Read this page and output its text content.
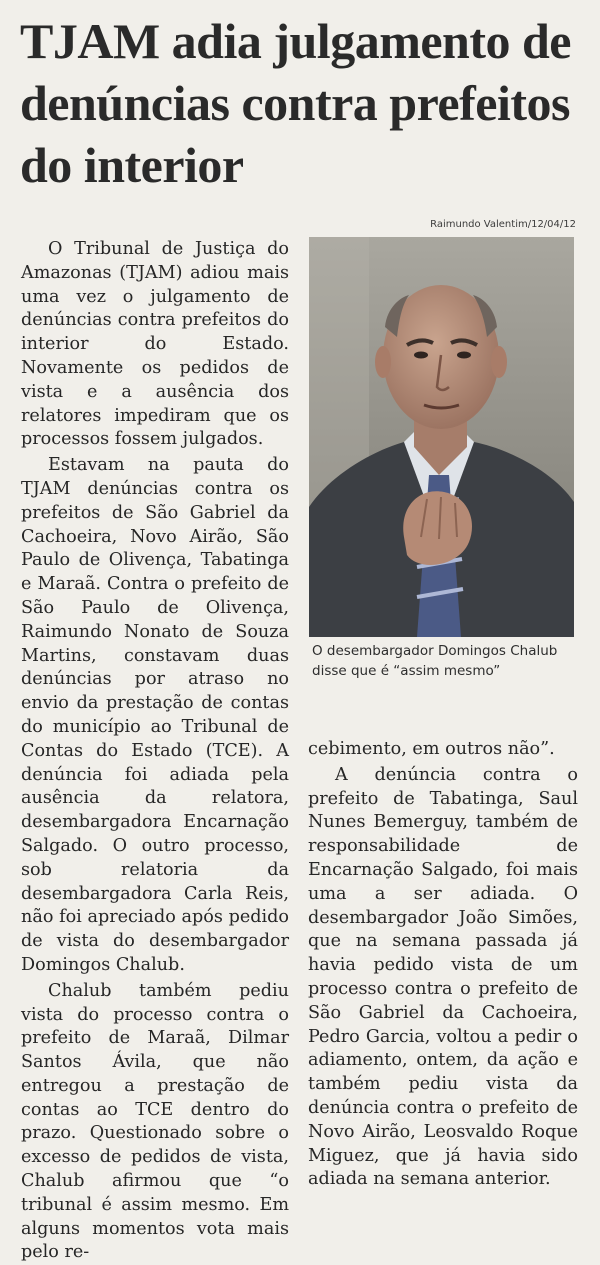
TJAM adia julgamento de denúncias contra prefeitos do interior

O Tribunal de Justiça do Amazonas (TJAM) adiou mais uma vez o julgamento de denúncias contra prefeitos do interior do Estado. Novamente os pedidos de vista e a ausência dos relatores impediram que os processos fossem julgados.

Estavam na pauta do TJAM denúncias contra os prefeitos de São Gabriel da Cachoeira, Novo Airão, São Paulo de Olivença, Tabatinga e Maraã. Contra o prefeito de São Paulo de Olivença, Raimundo Nonato de Souza Martins, constavam duas denúncias por atraso no envio da prestação de contas do município ao Tribunal de Contas do Estado (TCE). A denúncia foi adiada pela ausência da relatora, desembargadora Encarnação Salgado. O outro processo, sob relatoria da desembargadora Carla Reis, não foi apreciado após pedido de vista do desembargador Domingos Chalub.

Chalub também pediu vista do processo contra o prefeito de Maraã, Dilmar Santos Ávila, que não entregou a prestação de contas ao TCE dentro do prazo. Questionado sobre o excesso de pedidos de vista, Chalub afirmou que “o tribunal é assim mesmo. Em alguns momentos vota mais pelo re-

Raimundo Valentim/12/04/12
O desembargador Domingos Chalub disse que é “assim mesmo”

cebimento, em outros não”.

A denúncia contra o prefeito de Tabatinga, Saul Nunes Bemerguy, também de responsabilidade de Encarnação Salgado, foi mais uma a ser adiada. O desembargador João Simões, que na semana passada já havia pedido vista de um processo contra o prefeito de São Gabriel da Cachoeira, Pedro Garcia, voltou a pedir o adiamento, ontem, da ação e também pediu vista da denúncia contra o prefeito de Novo Airão, Leosvaldo Roque Miguez, que já havia sido adiada na semana anterior.
